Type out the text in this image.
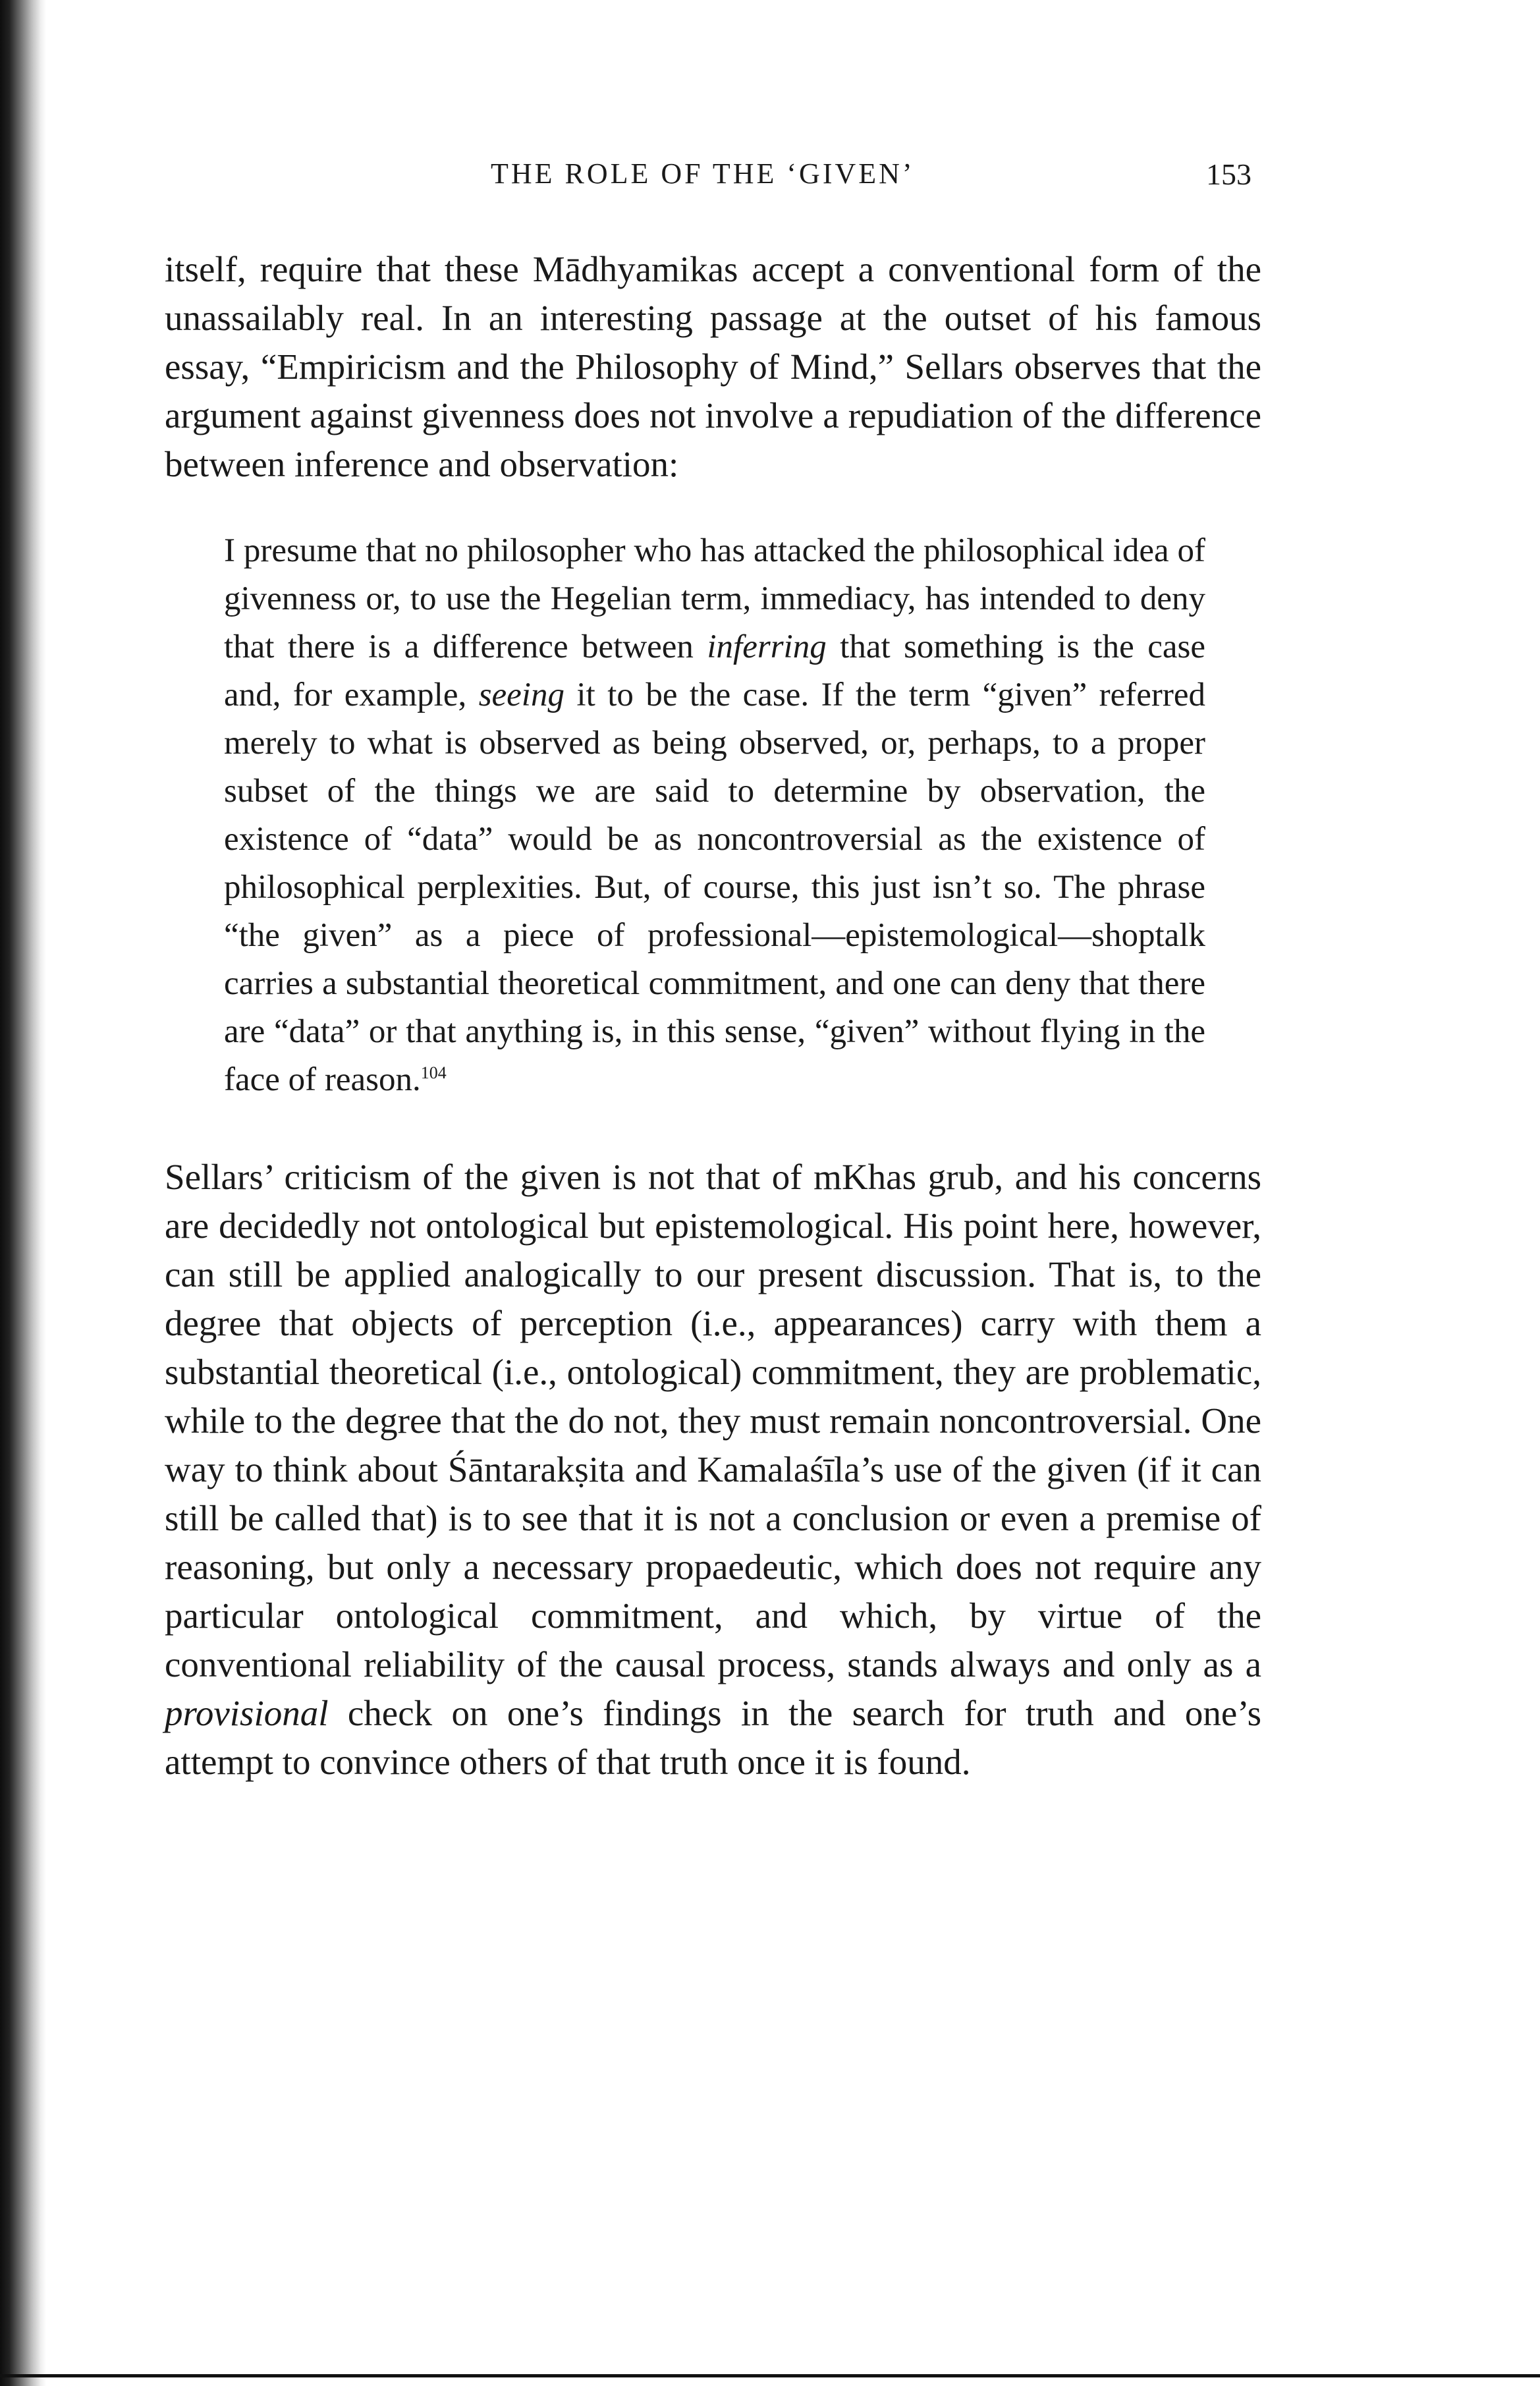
THE ROLE OF THE ‘GIVEN’	153

itself, require that these Mādhyamikas accept a conventional form of the unassailably real. In an interesting passage at the outset of his famous essay, “Empiricism and the Philosophy of Mind,” Sellars observes that the argument against givenness does not involve a repudiation of the difference between inference and observation:

I presume that no philosopher who has attacked the philosophical idea of givenness or, to use the Hegelian term, immediacy, has intended to deny that there is a difference between inferring that something is the case and, for example, seeing it to be the case. If the term “given” referred merely to what is observed as being observed, or, perhaps, to a proper subset of the things we are said to determine by observation, the existence of “data” would be as noncontroversial as the existence of philosophical perplexities. But, of course, this just isn’t so. The phrase “the given” as a piece of professional—epistemological—shoptalk carries a substantial theoretical commitment, and one can deny that there are “data” or that anything is, in this sense, “given” without flying in the face of reason.$^{104}$

Sellars’ criticism of the given is not that of mKhas grub, and his concerns are decidedly not ontological but epistemological. His point here, however, can still be applied analogically to our present discussion. That is, to the degree that objects of perception (i.e., appearances) carry with them a substantial theoretical (i.e., ontological) commitment, they are problematic, while to the degree that the do not, they must remain noncontroversial. One way to think about Śāntarakṣita and Kamalaśīla’s use of the given (if it can still be called that) is to see that it is not a conclusion or even a premise of reasoning, but only a necessary propaedeutic, which does not require any particular ontological commitment, and which, by virtue of the conventional reliability of the causal process, stands always and only as a provisional check on one’s findings in the search for truth and one’s attempt to convince others of that truth once it is found.
